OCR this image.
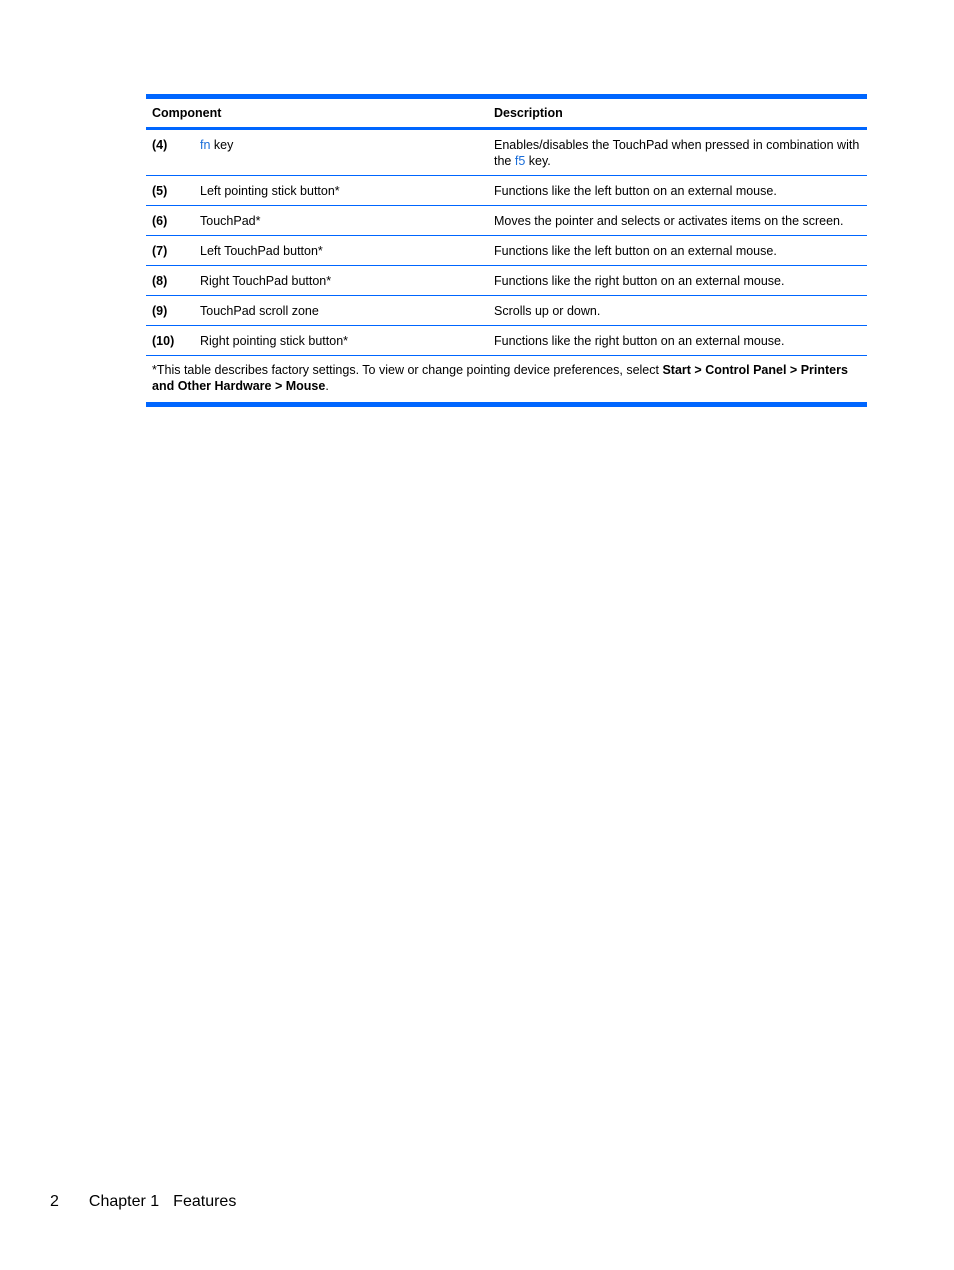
Component	Description
(4)	fn key	Enables/disables the TouchPad when pressed in combination with the f5 key.
(5)	Left pointing stick button*	Functions like the left button on an external mouse.
(6)	TouchPad*	Moves the pointer and selects or activates items on the screen.
(7)	Left TouchPad button*	Functions like the left button on an external mouse.
(8)	Right TouchPad button*	Functions like the right button on an external mouse.
(9)	TouchPad scroll zone	Scrolls up or down.
(10)	Right pointing stick button*	Functions like the right button on an external mouse.
*This table describes factory settings. To view or change pointing device preferences, select Start > Control Panel > Printers and Other Hardware > Mouse.
2 Chapter 1 Features
